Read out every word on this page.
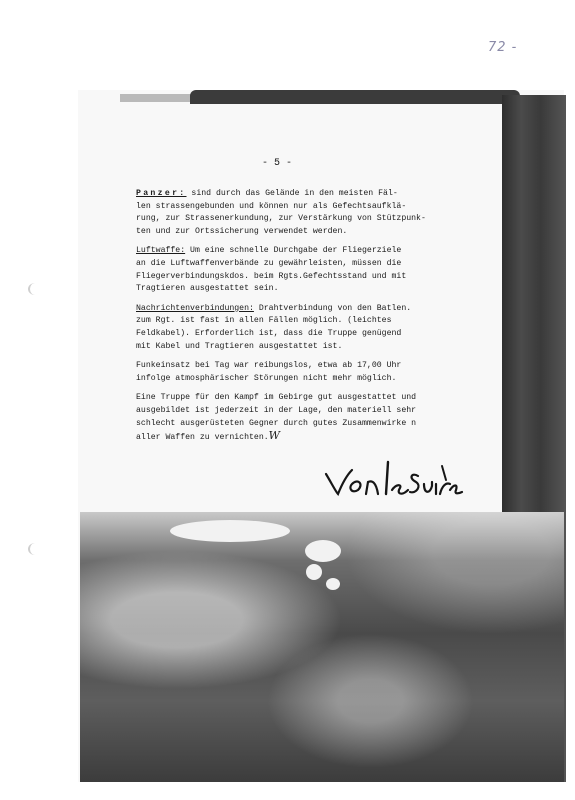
72 -
- 5 -
Panzer: sind durch das Gelände in den meisten Fäl-
len strassengebunden und können nur als Gefechtsaufklä-
rung, zur Strassenerkundung, zur Verstärkung von Stützpunk-
ten und zur Ortssicherung verwendet werden.
Luftwaffe: Um eine schnelle Durchgabe der Fliegerziele
an die Luftwaffenverbände zu gewährleisten, müssen die
Fliegerverbindungskdos. beim Rgts.Gefechtsstand und mit
Tragtieren ausgestattet sein.
Nachrichtenverbindungen: Drahtverbindung von den Batlen.
zum Rgt. ist fast in allen Fällen möglich. (leichtes
Feldkabel). Erforderlich ist, dass die Truppe genügend
mit Kabel und Tragtieren ausgestattet ist.
Funkeinsatz bei Tag war reibungslos, etwa ab 17,00 Uhr
infolge atmosphärischer Störungen nicht mehr möglich.
Eine Truppe für den Kampf im Gebirge gut ausgestattet und
ausgebildet ist jederzeit in der Lage, den materiell sehr
schlecht ausgerüsteten Gegner durch gutes Zusammenwirke n
aller Waffen zu vernichten.W
